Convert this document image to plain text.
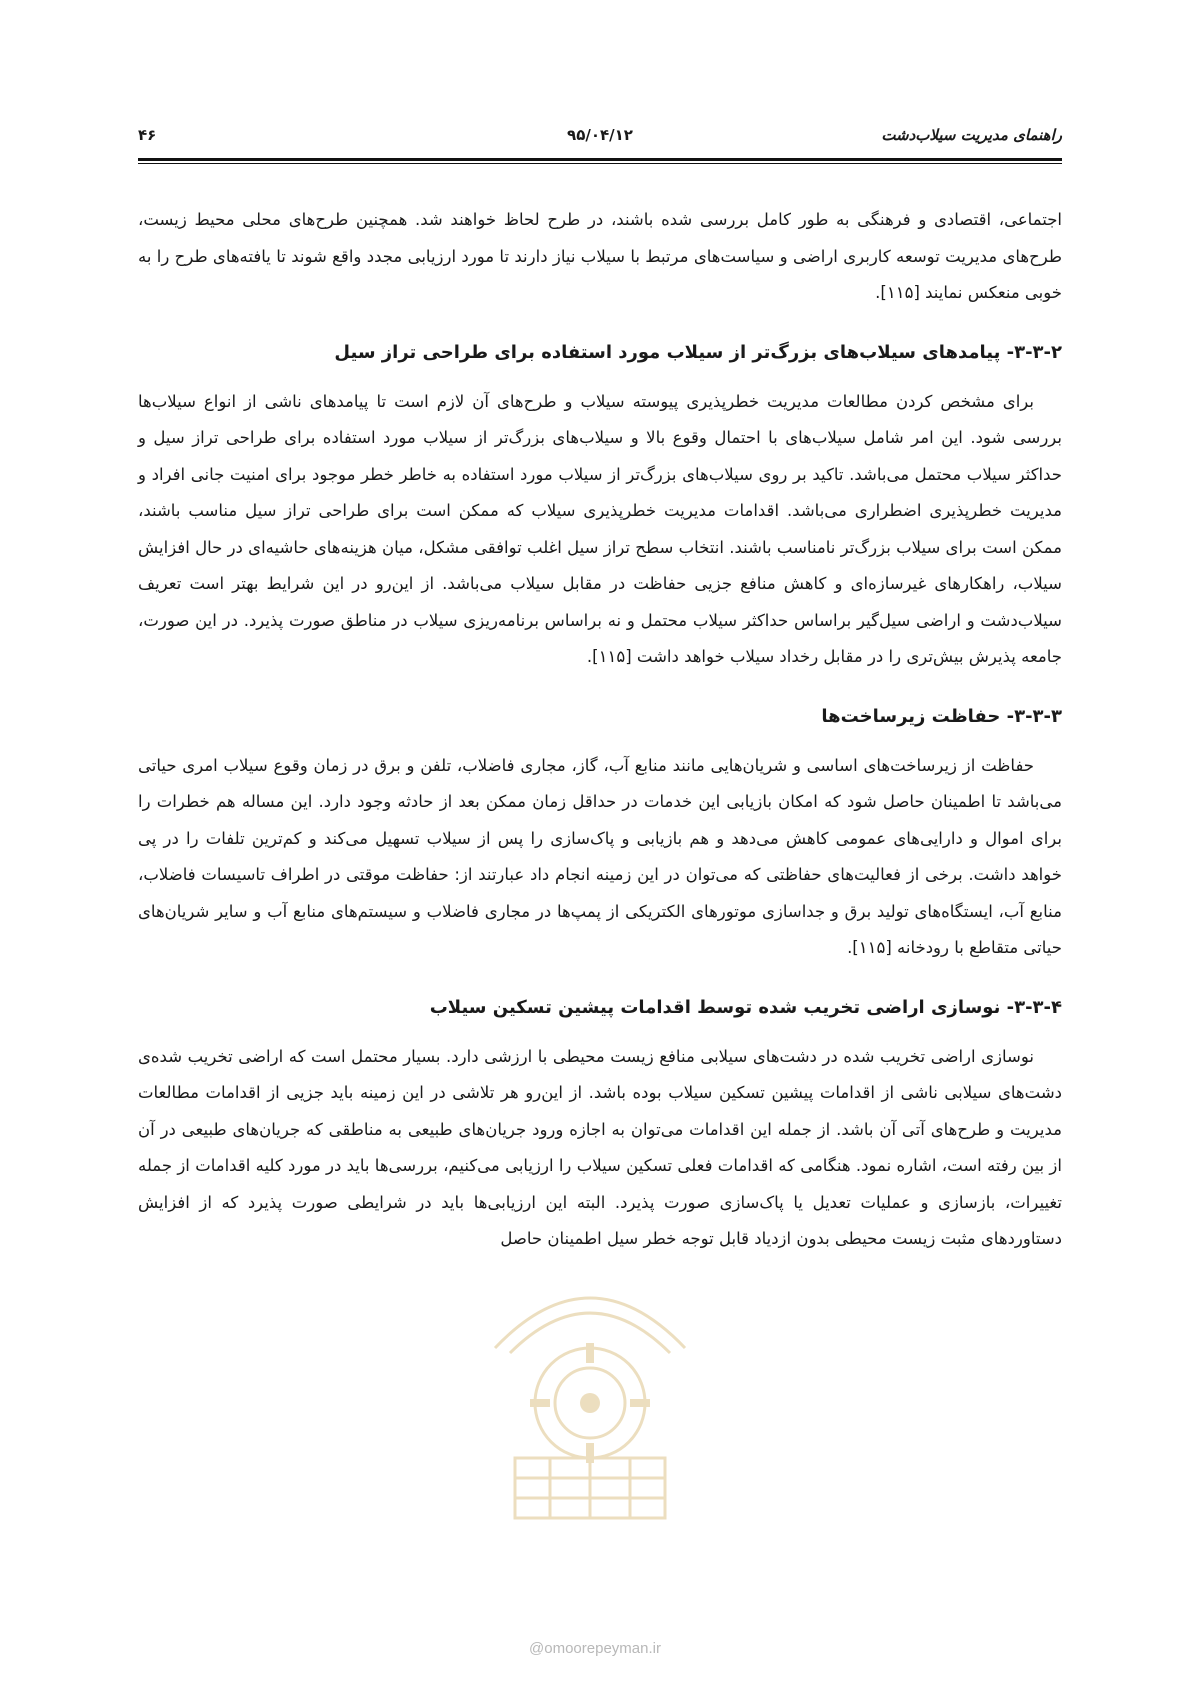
۴۶	۹۵/۰۴/۱۲	راهنمای مدیریت سیلاب‌دشت

اجتماعی، اقتصادی و فرهنگی به طور کامل بررسی شده باشند، در طرح لحاظ خواهند شد. همچنین طرح‌های محلی محیط زیست، طرح‌های مدیریت توسعه کاربری اراضی و سیاست‌های مرتبط با سیلاب نیاز دارند تا مورد ارزیابی مجدد واقع شوند تا یافته‌های طرح را به خوبی منعکس نمایند [۱۱۵].

۳-۳-۲- پیامدهای سیلاب‌های بزرگ‌تر از سیلاب مورد استفاده برای طراحی تراز سیل

برای مشخص کردن مطالعات مدیریت خطرپذیری پیوسته سیلاب و طرح‌های آن لازم است تا پیامدهای ناشی از انواع سیلاب‌ها بررسی شود. این امر شامل سیلاب‌های با احتمال وقوع بالا و سیلاب‌های بزرگ‌تر از سیلاب مورد استفاده برای طراحی تراز سیل و حداکثر سیلاب محتمل می‌باشد. تاکید بر روی سیلاب‌های بزرگ‌تر از سیلاب مورد استفاده به خاطر خطر موجود برای امنیت جانی افراد و مدیریت خطرپذیری اضطراری می‌باشد. اقدامات مدیریت خطرپذیری سیلاب که ممکن است برای طراحی تراز سیل مناسب باشند، ممکن است برای سیلاب بزرگ‌تر نامناسب باشند. انتخاب سطح تراز سیل اغلب توافقی مشکل، میان هزینه‌های حاشیه‌ای در حال افزایش سیلاب، راهکارهای غیرسازه‌ای و کاهش منافع جزیی حفاظت در مقابل سیلاب می‌باشد. از این‌رو در این شرایط بهتر است تعریف سیلاب‌دشت و اراضی سیل‌گیر براساس حداکثر سیلاب محتمل و نه براساس برنامه‌ریزی سیلاب در مناطق صورت پذیرد. در این صورت، جامعه پذیرش بیش‌تری را در مقابل رخداد سیلاب خواهد داشت [۱۱۵].

۳-۳-۳- حفاظت زیرساخت‌ها

حفاظت از زیرساخت‌های اساسی و شریان‌هایی مانند منابع آب، گاز، مجاری فاضلاب، تلفن و برق در زمان وقوع سیلاب امری حیاتی می‌باشد تا اطمینان حاصل شود که امکان بازیابی این خدمات در حداقل زمان ممکن بعد از حادثه وجود دارد. این مساله هم خطرات را برای اموال و دارایی‌های عمومی کاهش می‌دهد و هم بازیابی و پاک‌سازی را پس از سیلاب تسهیل می‌کند و کم‌ترین تلفات را در پی خواهد داشت. برخی از فعالیت‌های حفاظتی که می‌توان در این زمینه انجام داد عبارتند از: حفاظت موقتی در اطراف تاسیسات فاضلاب، منابع آب، ایستگاه‌های تولید برق و جداسازی موتورهای الکتریکی از پمپ‌ها در مجاری فاضلاب و سیستم‌های منابع آب و سایر شریان‌های حیاتی متقاطع با رودخانه [۱۱۵].

۳-۳-۴- نوسازی اراضی تخریب شده توسط اقدامات پیشین تسکین سیلاب

نوسازی اراضی تخریب شده در دشت‌های سیلابی منافع زیست محیطی با ارزشی دارد. بسیار محتمل است که اراضی تخریب شده‌ی دشت‌های سیلابی ناشی از اقدامات پیشین تسکین سیلاب بوده باشد. از این‌رو هر تلاشی در این زمینه باید جزیی از اقدامات مطالعات مدیریت و طرح‌های آتی آن باشد. از جمله این اقدامات می‌توان به اجازه ورود جریان‌های طبیعی به مناطقی که جریان‌های طبیعی در آن از بین رفته است، اشاره نمود. هنگامی که اقدامات فعلی تسکین سیلاب را ارزیابی می‌کنیم، بررسی‌ها باید در مورد کلیه اقدامات از جمله تغییرات، بازسازی و عملیات تعدیل یا پاک‌سازی صورت پذیرد. البته این ارزیابی‌ها باید در شرایطی صورت پذیرد که از افزایش دستاوردهای مثبت زیست محیطی بدون ازدیاد قابل توجه خطر سیل اطمینان حاصل

@omoorepeyman.ir
